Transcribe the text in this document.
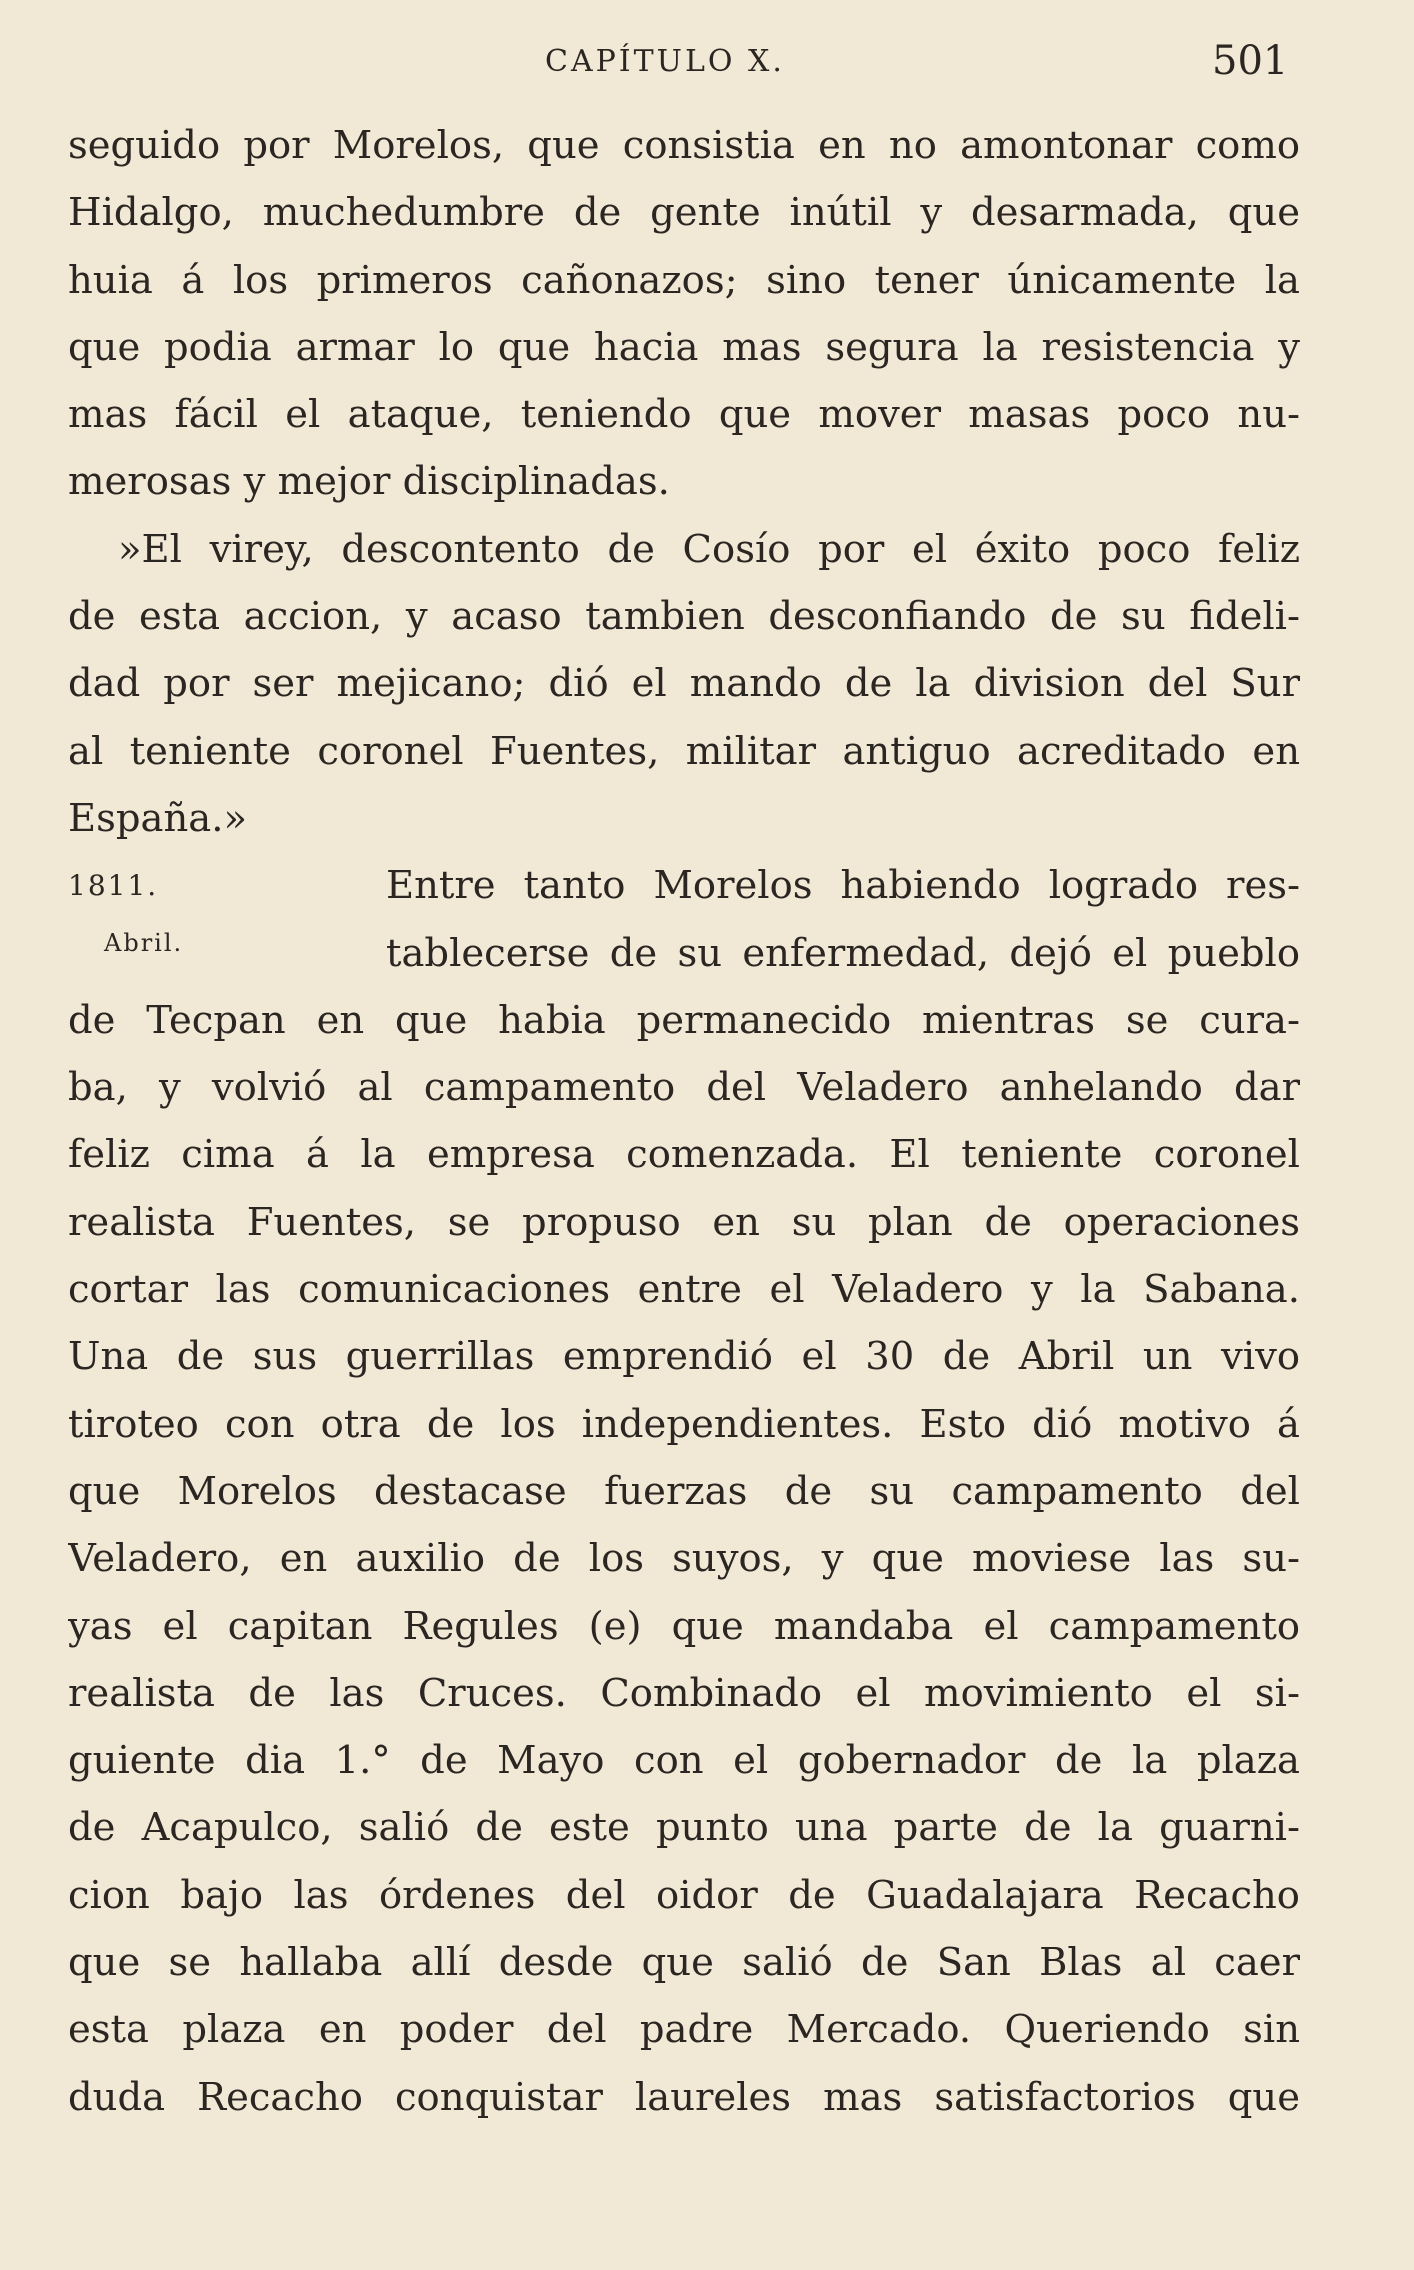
CAPÍTULO X.	501
seguido por Morelos, que consistia en no amontonar como
Hidalgo, muchedumbre de gente inútil y desarmada, que
huia á los primeros cañonazos; sino tener únicamente la
que podia armar lo que hacia mas segura la resistencia y
mas fácil el ataque, teniendo que mover masas poco nu-
merosas y mejor disciplinadas.
»El virey, descontento de Cosío por el éxito poco feliz
de esta accion, y acaso tambien desconfiando de su fideli-
dad por ser mejicano; dió el mando de la division del Sur
al teniente coronel Fuentes, militar antiguo acreditado en
España.»
1811.	Entre tanto Morelos habiendo logrado res-
Abril.	tablecerse de su enfermedad, dejó el pueblo
de Tecpan en que habia permanecido mientras se cura-
ba, y volvió al campamento del Veladero anhelando dar
feliz cima á la empresa comenzada. El teniente coronel
realista Fuentes, se propuso en su plan de operaciones
cortar las comunicaciones entre el Veladero y la Sabana.
Una de sus guerrillas emprendió el 30 de Abril un vivo
tiroteo con otra de los independientes. Esto dió motivo á
que Morelos destacase fuerzas de su campamento del
Veladero, en auxilio de los suyos, y que moviese las su-
yas el capitan Regules (e) que mandaba el campamento
realista de las Cruces. Combinado el movimiento el si-
guiente dia 1.° de Mayo con el gobernador de la plaza
de Acapulco, salió de este punto una parte de la guarni-
cion bajo las órdenes del oidor de Guadalajara Recacho
que se hallaba allí desde que salió de San Blas al caer
esta plaza en poder del padre Mercado. Queriendo sin
duda Recacho conquistar laureles mas satisfactorios que
